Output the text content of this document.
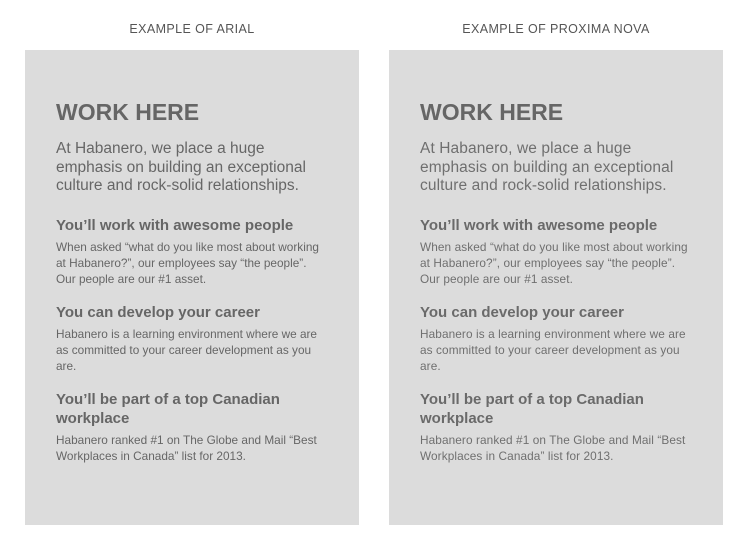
EXAMPLE OF ARIAL	EXAMPLE OF PROXIMA NOVA
WORK HERE

At Habanero, we place a huge emphasis on building an exceptional culture and rock-solid relationships.

You’ll work with awesome people

When asked “what do you like most about working at Habanero?”, our employees say “the people”. Our people are our #1 asset.

You can develop your career

Habanero is a learning environment where we are as committed to your career development as you are.

You’ll be part of a top Canadian workplace

Habanero ranked #1 on The Globe and Mail “Best Workplaces in Canada” list for 2013.

WORK HERE

At Habanero, we place a huge emphasis on building an exceptional culture and rock-solid relationships.

You’ll work with awesome people

When asked “what do you like most about working at Habanero?”, our employees say “the people”. Our people are our #1 asset.

You can develop your career

Habanero is a learning environment where we are as committed to your career development as you are.

You’ll be part of a top Canadian workplace

Habanero ranked #1 on The Globe and Mail “Best Workplaces in Canada” list for 2013.
